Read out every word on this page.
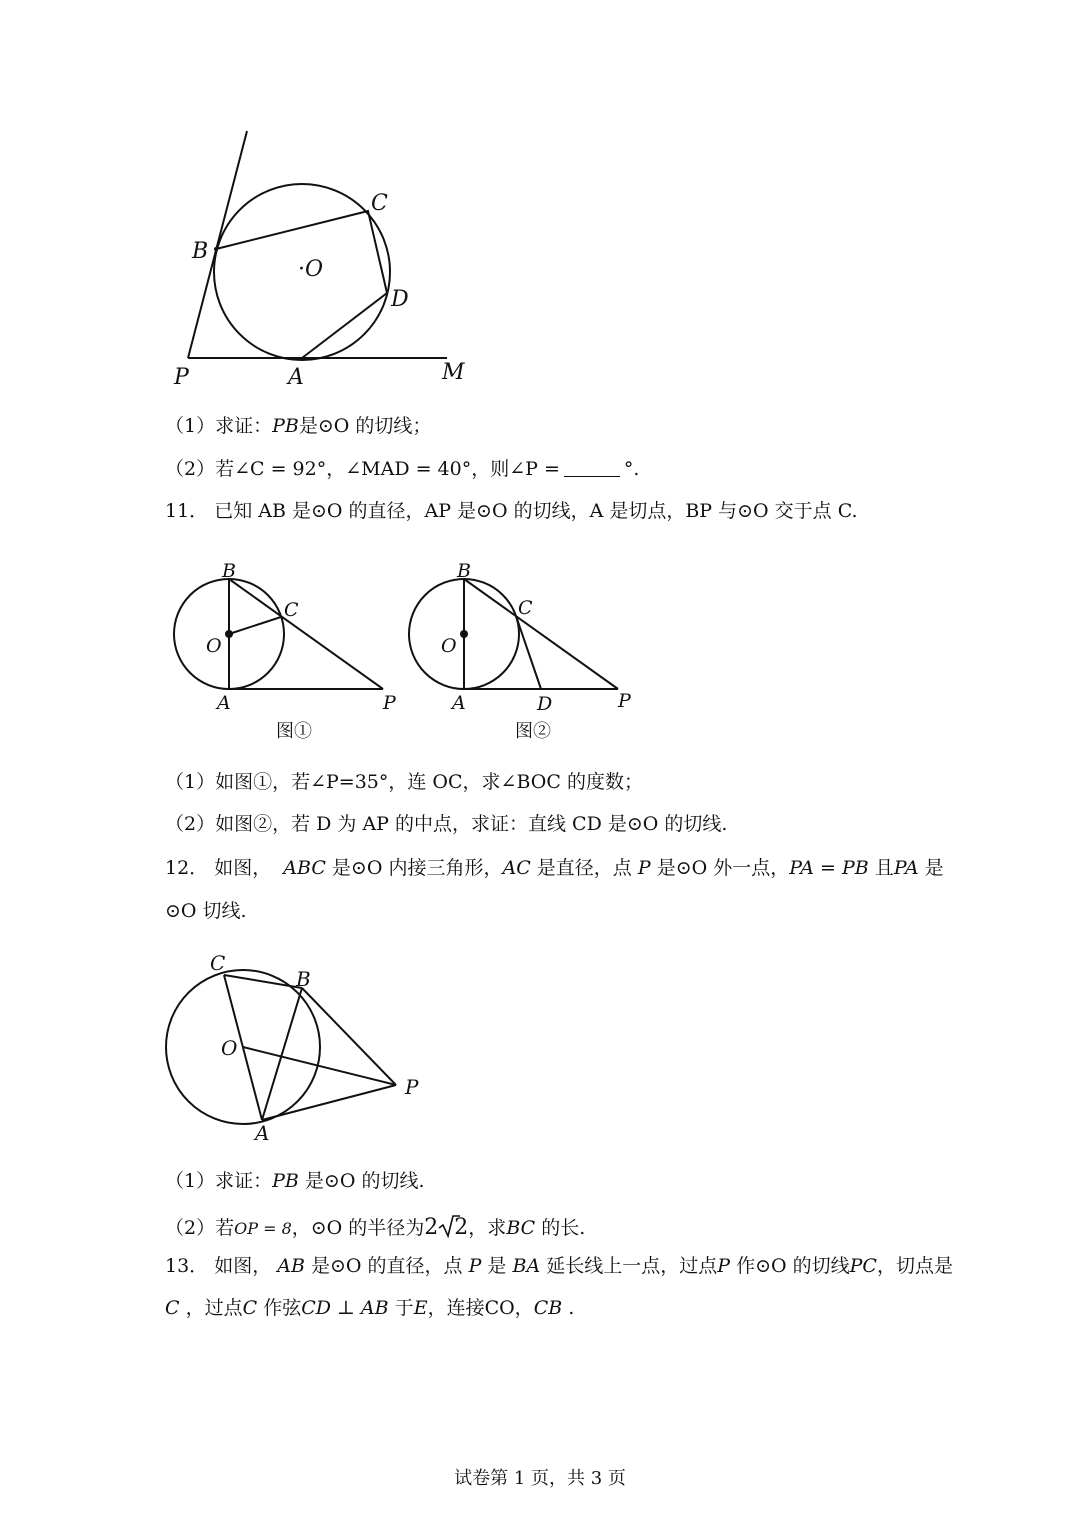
B
C
·O
D
P	A	M
（1）求证：PB是⊙O 的切线；
（2）若∠C = 92°，∠MAD = 40°，则∠P =	°.
11． 已知 AB 是⊙O 的直径，AP 是⊙O 的切线，A 是切点，BP 与⊙O 交于点 C.
B
C
O
A	P
图①
B
C
O
A	D	P
图②
（1）如图①，若∠P=35°，连 OC，求∠BOC 的度数；
（2）如图②，若 D 为 AP 的中点，求证：直线 CD 是⊙O 的切线.
12． 如图， ABC 是⊙O 内接三角形，AC 是直径，点 P 是⊙O 外一点，PA = PB 且PA 是
⊙O 切线.
C
B
O
P
A
（1）求证：PB 是⊙O 的切线.
（2）若OP = 8，⊙O 的半径为2 2，求BC 的长.
13． 如图， AB 是⊙O 的直径，点 P 是 BA 延长线上一点，过点P 作⊙O 的切线PC，切点是
C ，过点C 作弦CD ⊥ AB 于E，连接CO，CB .
试卷第 1 页，共 3 页
